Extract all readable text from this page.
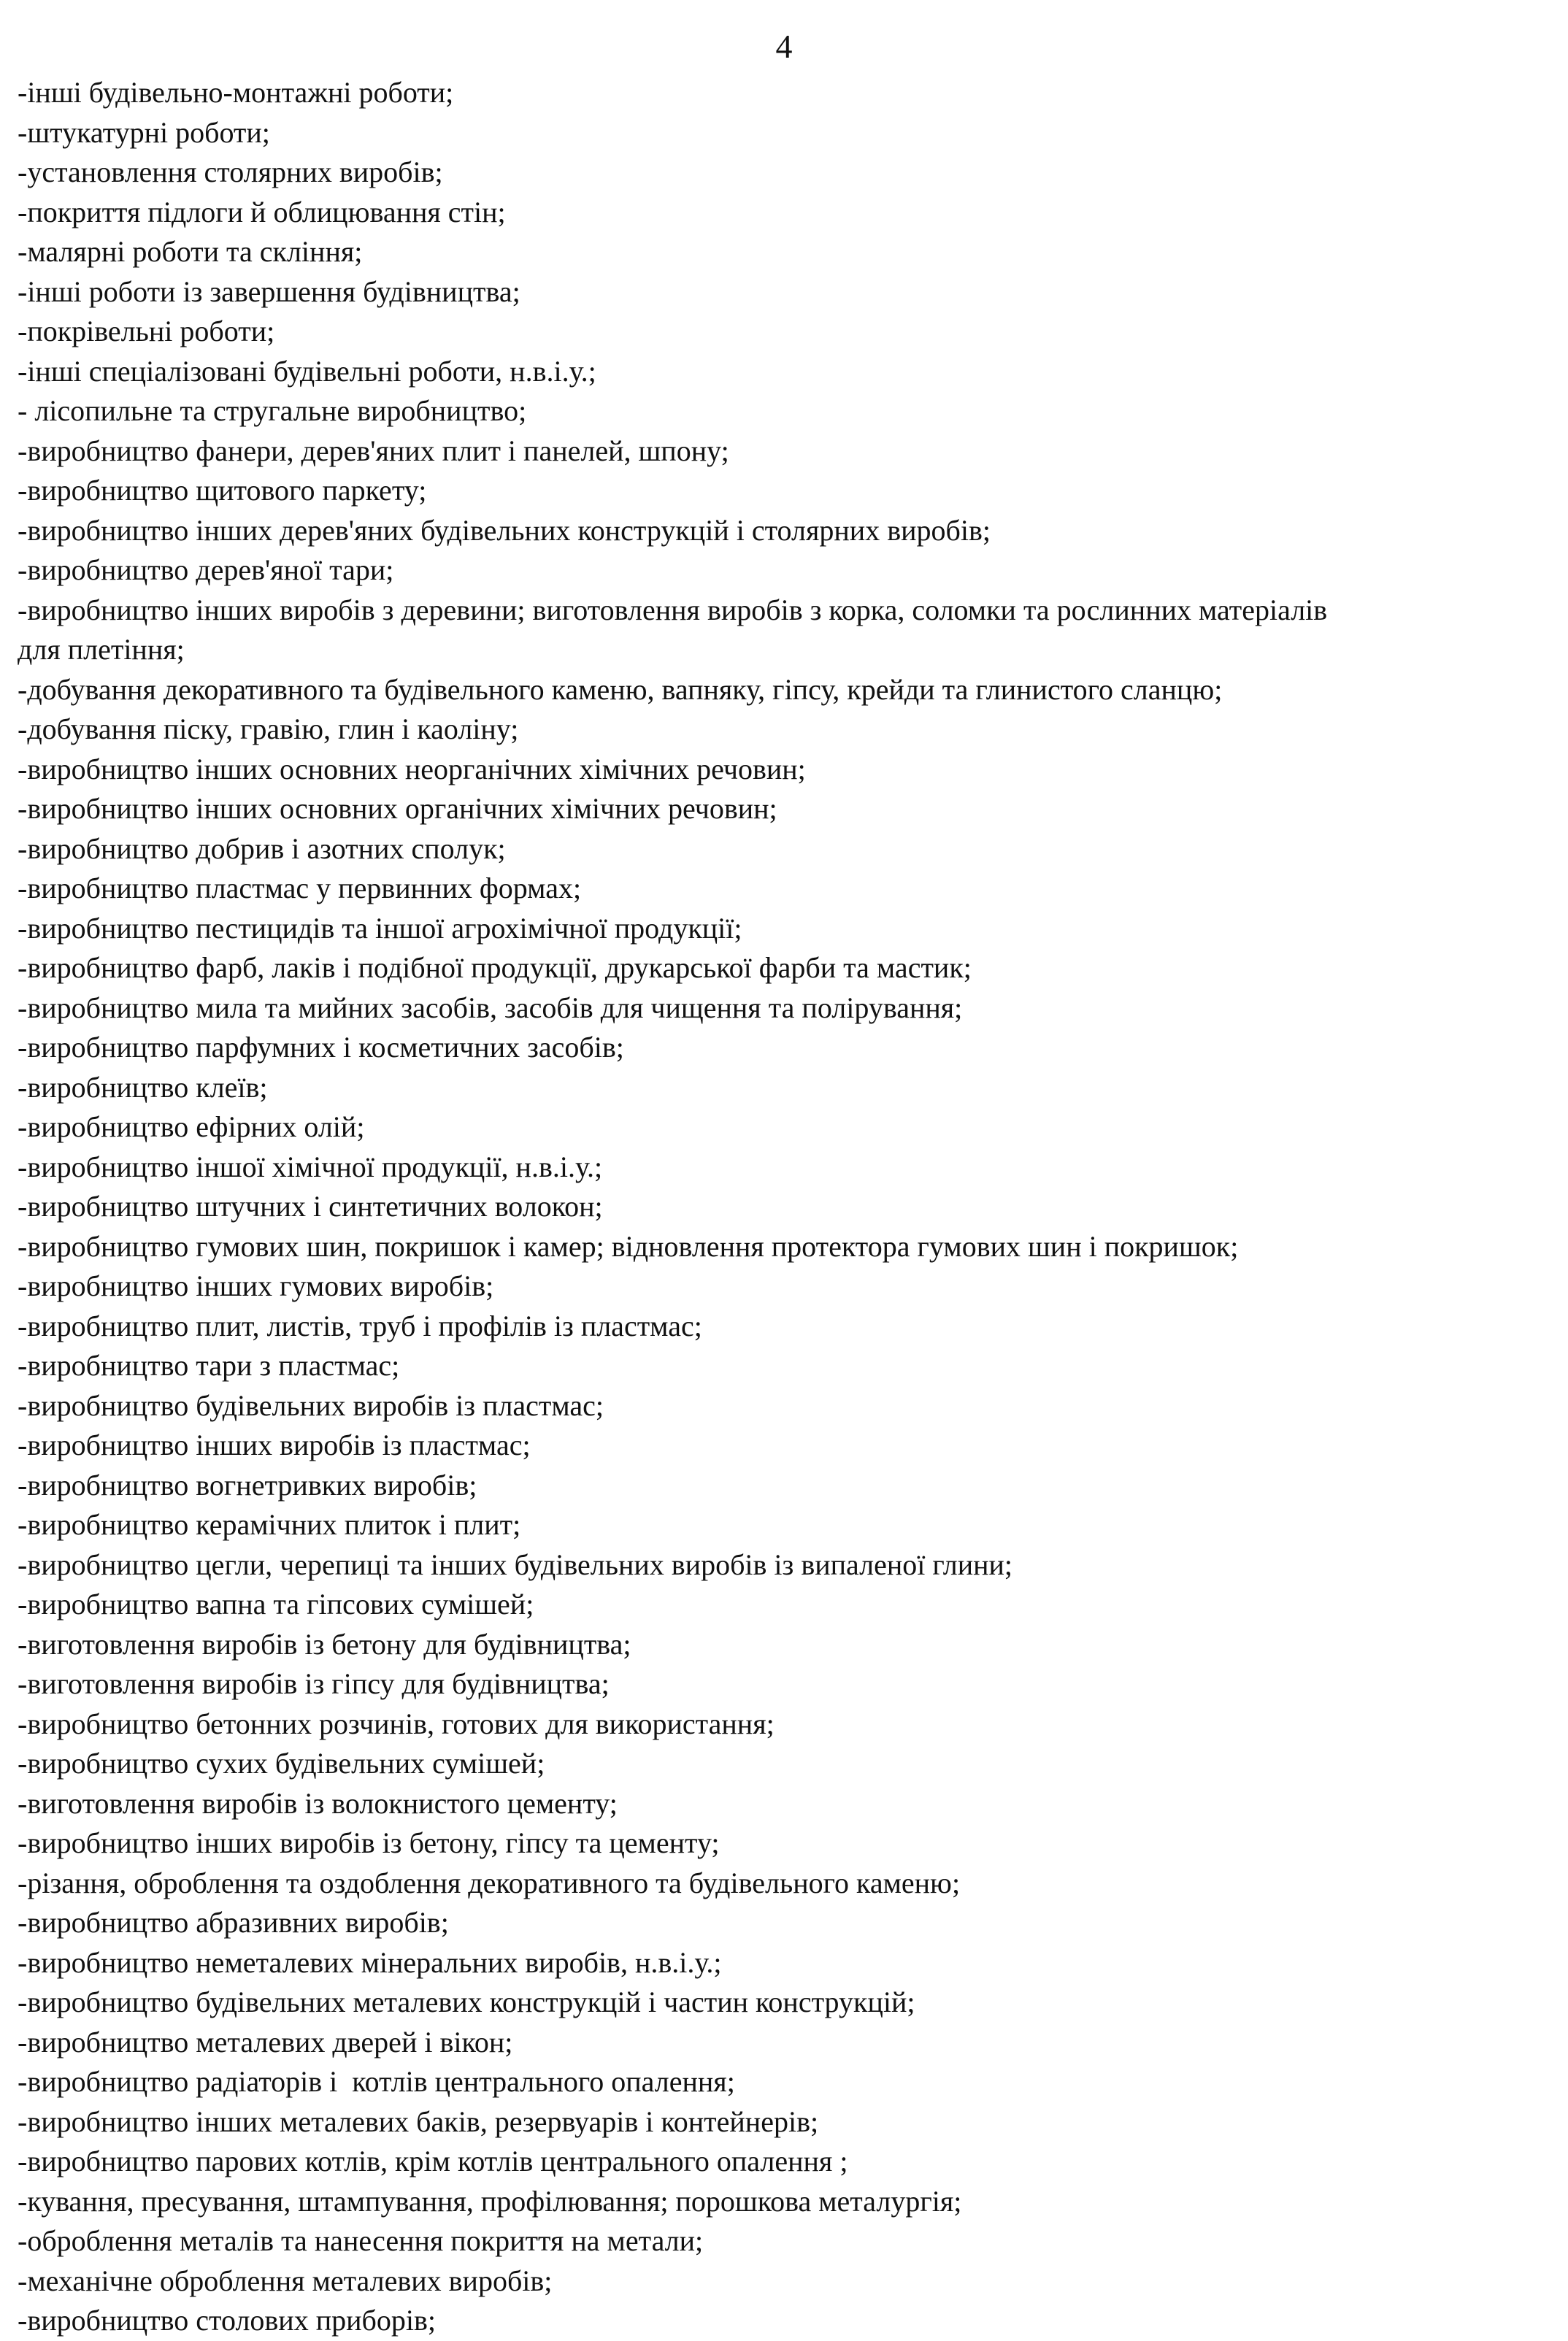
4
-інші будівельно-монтажні роботи;
-штукатурні роботи;
-установлення столярних виробів;
-покриття підлоги й облицювання стін;
-малярні роботи та скління;
-інші роботи із завершення будівництва;
-покрівельні роботи;
-інші спеціалізовані будівельні роботи, н.в.і.у.;
- лісопильне та стругальне виробництво;
-виробництво фанери, дерев'яних плит і панелей, шпону;
-виробництво щитового паркету;
-виробництво інших дерев'яних будівельних конструкцій і столярних виробів;
-виробництво дерев'яної тари;
-виробництво інших виробів з деревини; виготовлення виробів з корка, соломки та рослинних матеріалів
для плетіння;
-добування декоративного та будівельного каменю, вапняку, гіпсу, крейди та глинистого сланцю;
-добування піску, гравію, глин і каоліну;
-виробництво інших основних неорганічних хімічних речовин;
-виробництво інших основних органічних хімічних речовин;
-виробництво добрив і азотних сполук;
-виробництво пластмас у первинних формах;
-виробництво пестицидів та іншої агрохімічної продукції;
-виробництво фарб, лаків і подібної продукції, друкарської фарби та мастик;
-виробництво мила та мийних засобів, засобів для чищення та полірування;
-виробництво парфумних і косметичних засобів;
-виробництво клеїв;
-виробництво ефірних олій;
-виробництво іншої хімічної продукції, н.в.і.у.;
-виробництво штучних і синтетичних волокон;
-виробництво гумових шин, покришок і камер; відновлення протектора гумових шин і покришок;
-виробництво інших гумових виробів;
-виробництво плит, листів, труб і профілів із пластмас;
-виробництво тари з пластмас;
-виробництво будівельних виробів із пластмас;
-виробництво інших виробів із пластмас;
-виробництво вогнетривких виробів;
-виробництво керамічних плиток і плит;
-виробництво цегли, черепиці та інших будівельних виробів із випаленої глини;
-виробництво вапна та гіпсових сумішей;
-виготовлення виробів із бетону для будівництва;
-виготовлення виробів із гіпсу для будівництва;
-виробництво бетонних розчинів, готових для використання;
-виробництво сухих будівельних сумішей;
-виготовлення виробів із волокнистого цементу;
-виробництво інших виробів із бетону, гіпсу та цементу;
-різання, оброблення та оздоблення декоративного та будівельного каменю;
-виробництво абразивних виробів;
-виробництво неметалевих мінеральних виробів, н.в.і.у.;
-виробництво будівельних металевих конструкцій і частин конструкцій;
-виробництво металевих дверей і вікон;
-виробництво радіаторів і  котлів центрального опалення;
-виробництво інших металевих баків, резервуарів і контейнерів;
-виробництво парових котлів, крім котлів центрального опалення ;
-кування, пресування, штампування, профілювання; порошкова металургія;
-оброблення металів та нанесення покриття на метали;
-механічне оброблення металевих виробів;
-виробництво столових приборів;
